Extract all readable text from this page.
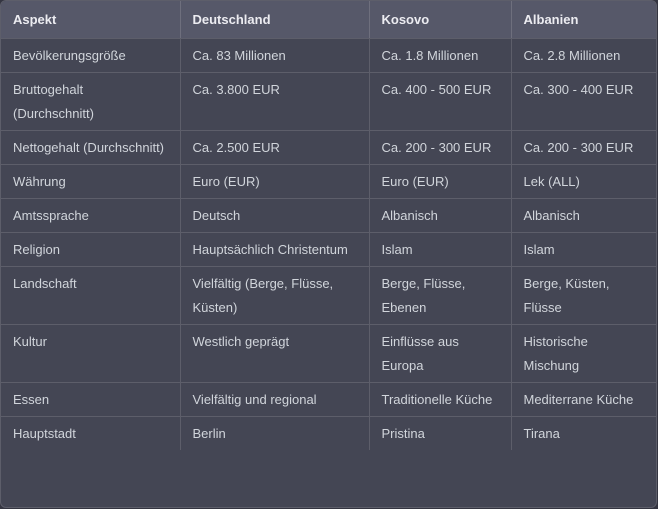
Aspekt	Deutschland	Kosovo	Albanien
Bevölkerungsgröße	Ca. 83 Millionen	Ca. 1.8 Millionen	Ca. 2.8 Millionen
Bruttogehalt (Durchschnitt)	Ca. 3.800 EUR	Ca. 400 - 500 EUR	Ca. 300 - 400 EUR
Nettogehalt (Durchschnitt)	Ca. 2.500 EUR	Ca. 200 - 300 EUR	Ca. 200 - 300 EUR
Währung	Euro (EUR)	Euro (EUR)	Lek (ALL)
Amtssprache	Deutsch	Albanisch	Albanisch
Religion	Hauptsächlich Christentum	Islam	Islam
Landschaft	Vielfältig (Berge, Flüsse, Küsten)	Berge, Flüsse, Ebenen	Berge, Küsten, Flüsse
Kultur	Westlich geprägt	Einflüsse aus Europa	Historische Mischung
Essen	Vielfältig und regional	Traditionelle Küche	Mediterrane Küche
Hauptstadt	Berlin	Pristina	Tirana
